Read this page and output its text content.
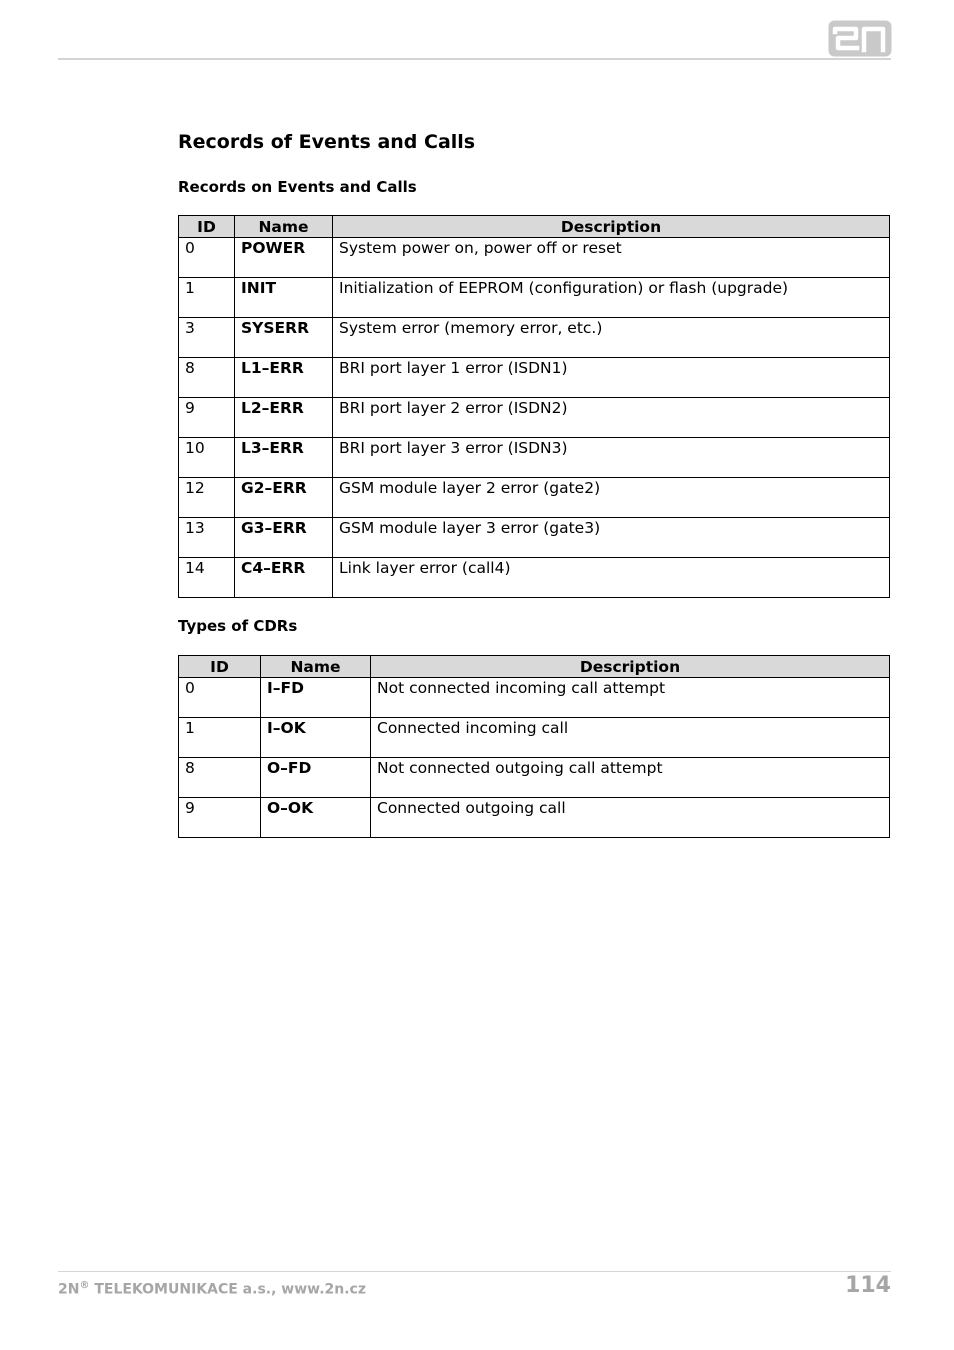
Records of Events and Calls
Records on Events and Calls
ID	Name	Description
0	POWER	System power on, power off or reset
1	INIT	Initialization of EEPROM (configuration) or flash (upgrade)
3	SYSERR	System error (memory error, etc.)
8	L1–ERR	BRI port layer 1 error (ISDN1)
9	L2–ERR	BRI port layer 2 error (ISDN2)
10	L3–ERR	BRI port layer 3 error (ISDN3)
12	G2–ERR	GSM module layer 2 error (gate2)
13	G3–ERR	GSM module layer 3 error (gate3)
14	C4–ERR	Link layer error (call4)
Types of CDRs
ID	Name	Description
0	I–FD	Not connected incoming call attempt
1	I–OK	Connected incoming call
8	O–FD	Not connected outgoing call attempt
9	O–OK	Connected outgoing call
2N® TELEKOMUNIKACE a.s., www.2n.cz	114
